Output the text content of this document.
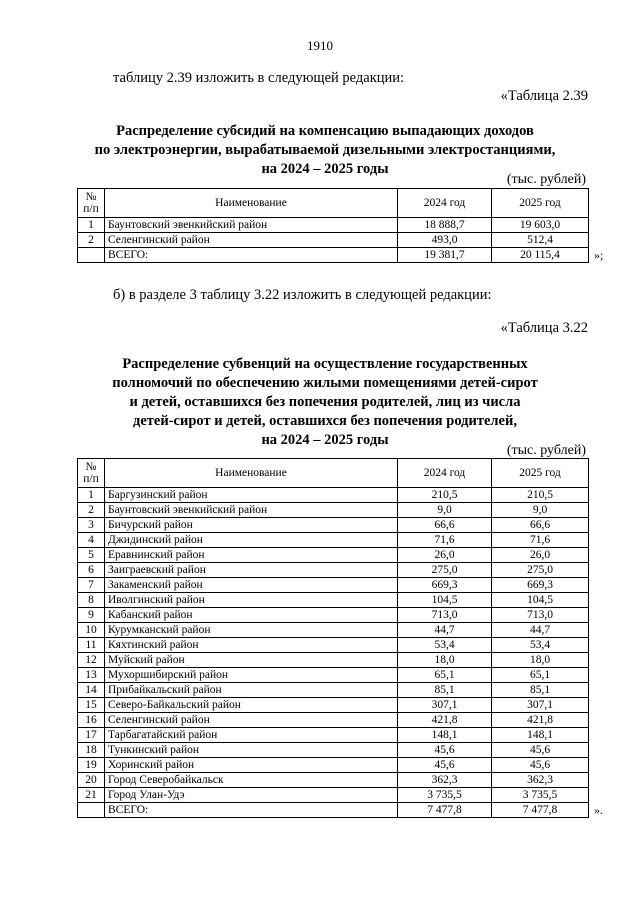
1910
таблицу 2.39 изложить в следующей редакции:
«Таблица 2.39
Распределение субсидий на компенсацию выпадающих доходов
по электроэнергии, вырабатываемой дизельными электростанциями,
на 2024 – 2025 годы
(тыс. рублей)
№
п/п	Наименование	2024 год	2025 год
1	Баунтовский эвенкийский район	18 888,7	19 603,0
2	Селенгинский район	493,0	512,4
	ВСЕГО:	19 381,7	20 115,4 »;
б) в разделе 3 таблицу 3.22 изложить в следующей редакции:
«Таблица 3.22
Распределение субвенций на осуществление государственных
полномочий по обеспечению жилыми помещениями детей-сирот
и детей, оставшихся без попечения родителей, лиц из числа
детей-сирот и детей, оставшихся без попечения родителей,
на 2024 – 2025 годы
(тыс. рублей)
№
п/п	Наименование	2024 год	2025 год
1	Баргузинский район	210,5	210,5
2	Баунтовский эвенкийский район	9,0	9,0
3	Бичурский район	66,6	66,6
4	Джидинский район	71,6	71,6
5	Еравнинский район	26,0	26,0
6	Заиграевский район	275,0	275,0
7	Закаменский район	669,3	669,3
8	Иволгинский район	104,5	104,5
9	Кабанский район	713,0	713,0
10	Курумканский район	44,7	44,7
11	Кяхтинский район	53,4	53,4
12	Муйский район	18,0	18,0
13	Мухоршибирский район	65,1	65,1
14	Прибайкальский район	85,1	85,1
15	Северо-Байкальский район	307,1	307,1
16	Селенгинский район	421,8	421,8
17	Тарбагатайский район	148,1	148,1
18	Тункинский район	45,6	45,6
19	Хоринский район	45,6	45,6
20	Город Северобайкальск	362,3	362,3
21	Город Улан-Удэ	3 735,5	3 735,5
	ВСЕГО:	7 477,8	7 477,8 ».
